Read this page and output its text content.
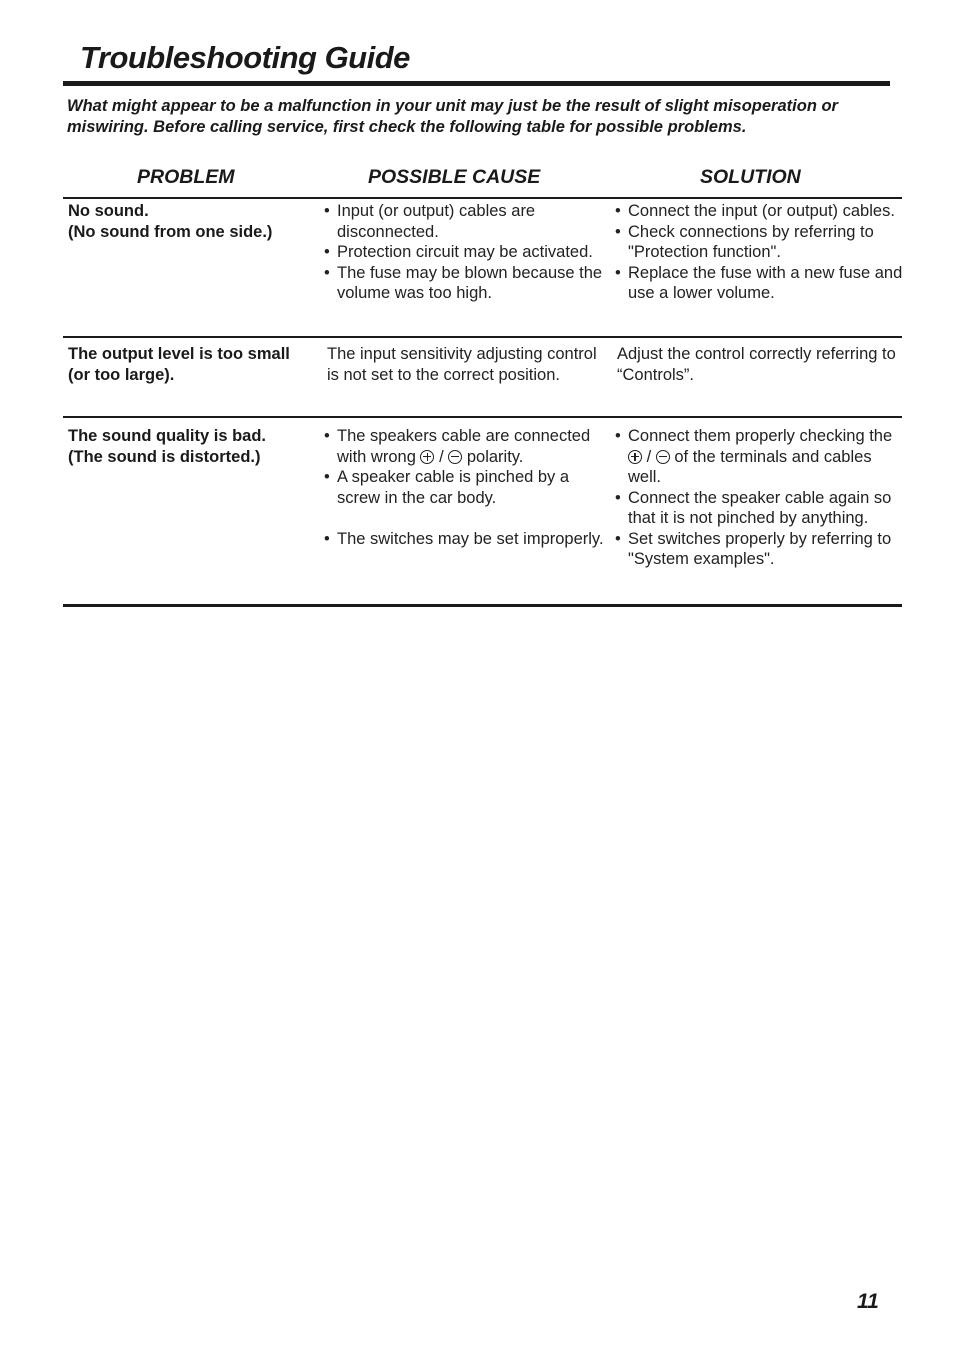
Troubleshooting Guide
What might appear to be a malfunction in your unit may just be the result of slight misoperation or miswiring. Before calling service, first check the following table for possible problems.
PROBLEM	POSSIBLE CAUSE	SOLUTION
No sound.
(No sound from one side.)
• Input (or output) cables are disconnected.
• Protection circuit may be activated.
• The fuse may be blown because the volume was too high.
• Connect the input (or output) cables.
• Check connections by referring to "Protection function".
• Replace the fuse with a new fuse and use a lower volume.
The output level is too small (or too large).
The input sensitivity adjusting control is not set to the correct position.
Adjust the control correctly referring to “Controls”.
The sound quality is bad.
(The sound is distorted.)
• The speakers cable are connected with wrong / polarity.
• A speaker cable is pinched by a screw in the car body.
• The switches may be set improperly.
• Connect them properly checking the  / of the terminals and cables well.
• Connect the speaker cable again so that it is not pinched by anything.
• Set switches properly by referring to "System examples".
11
